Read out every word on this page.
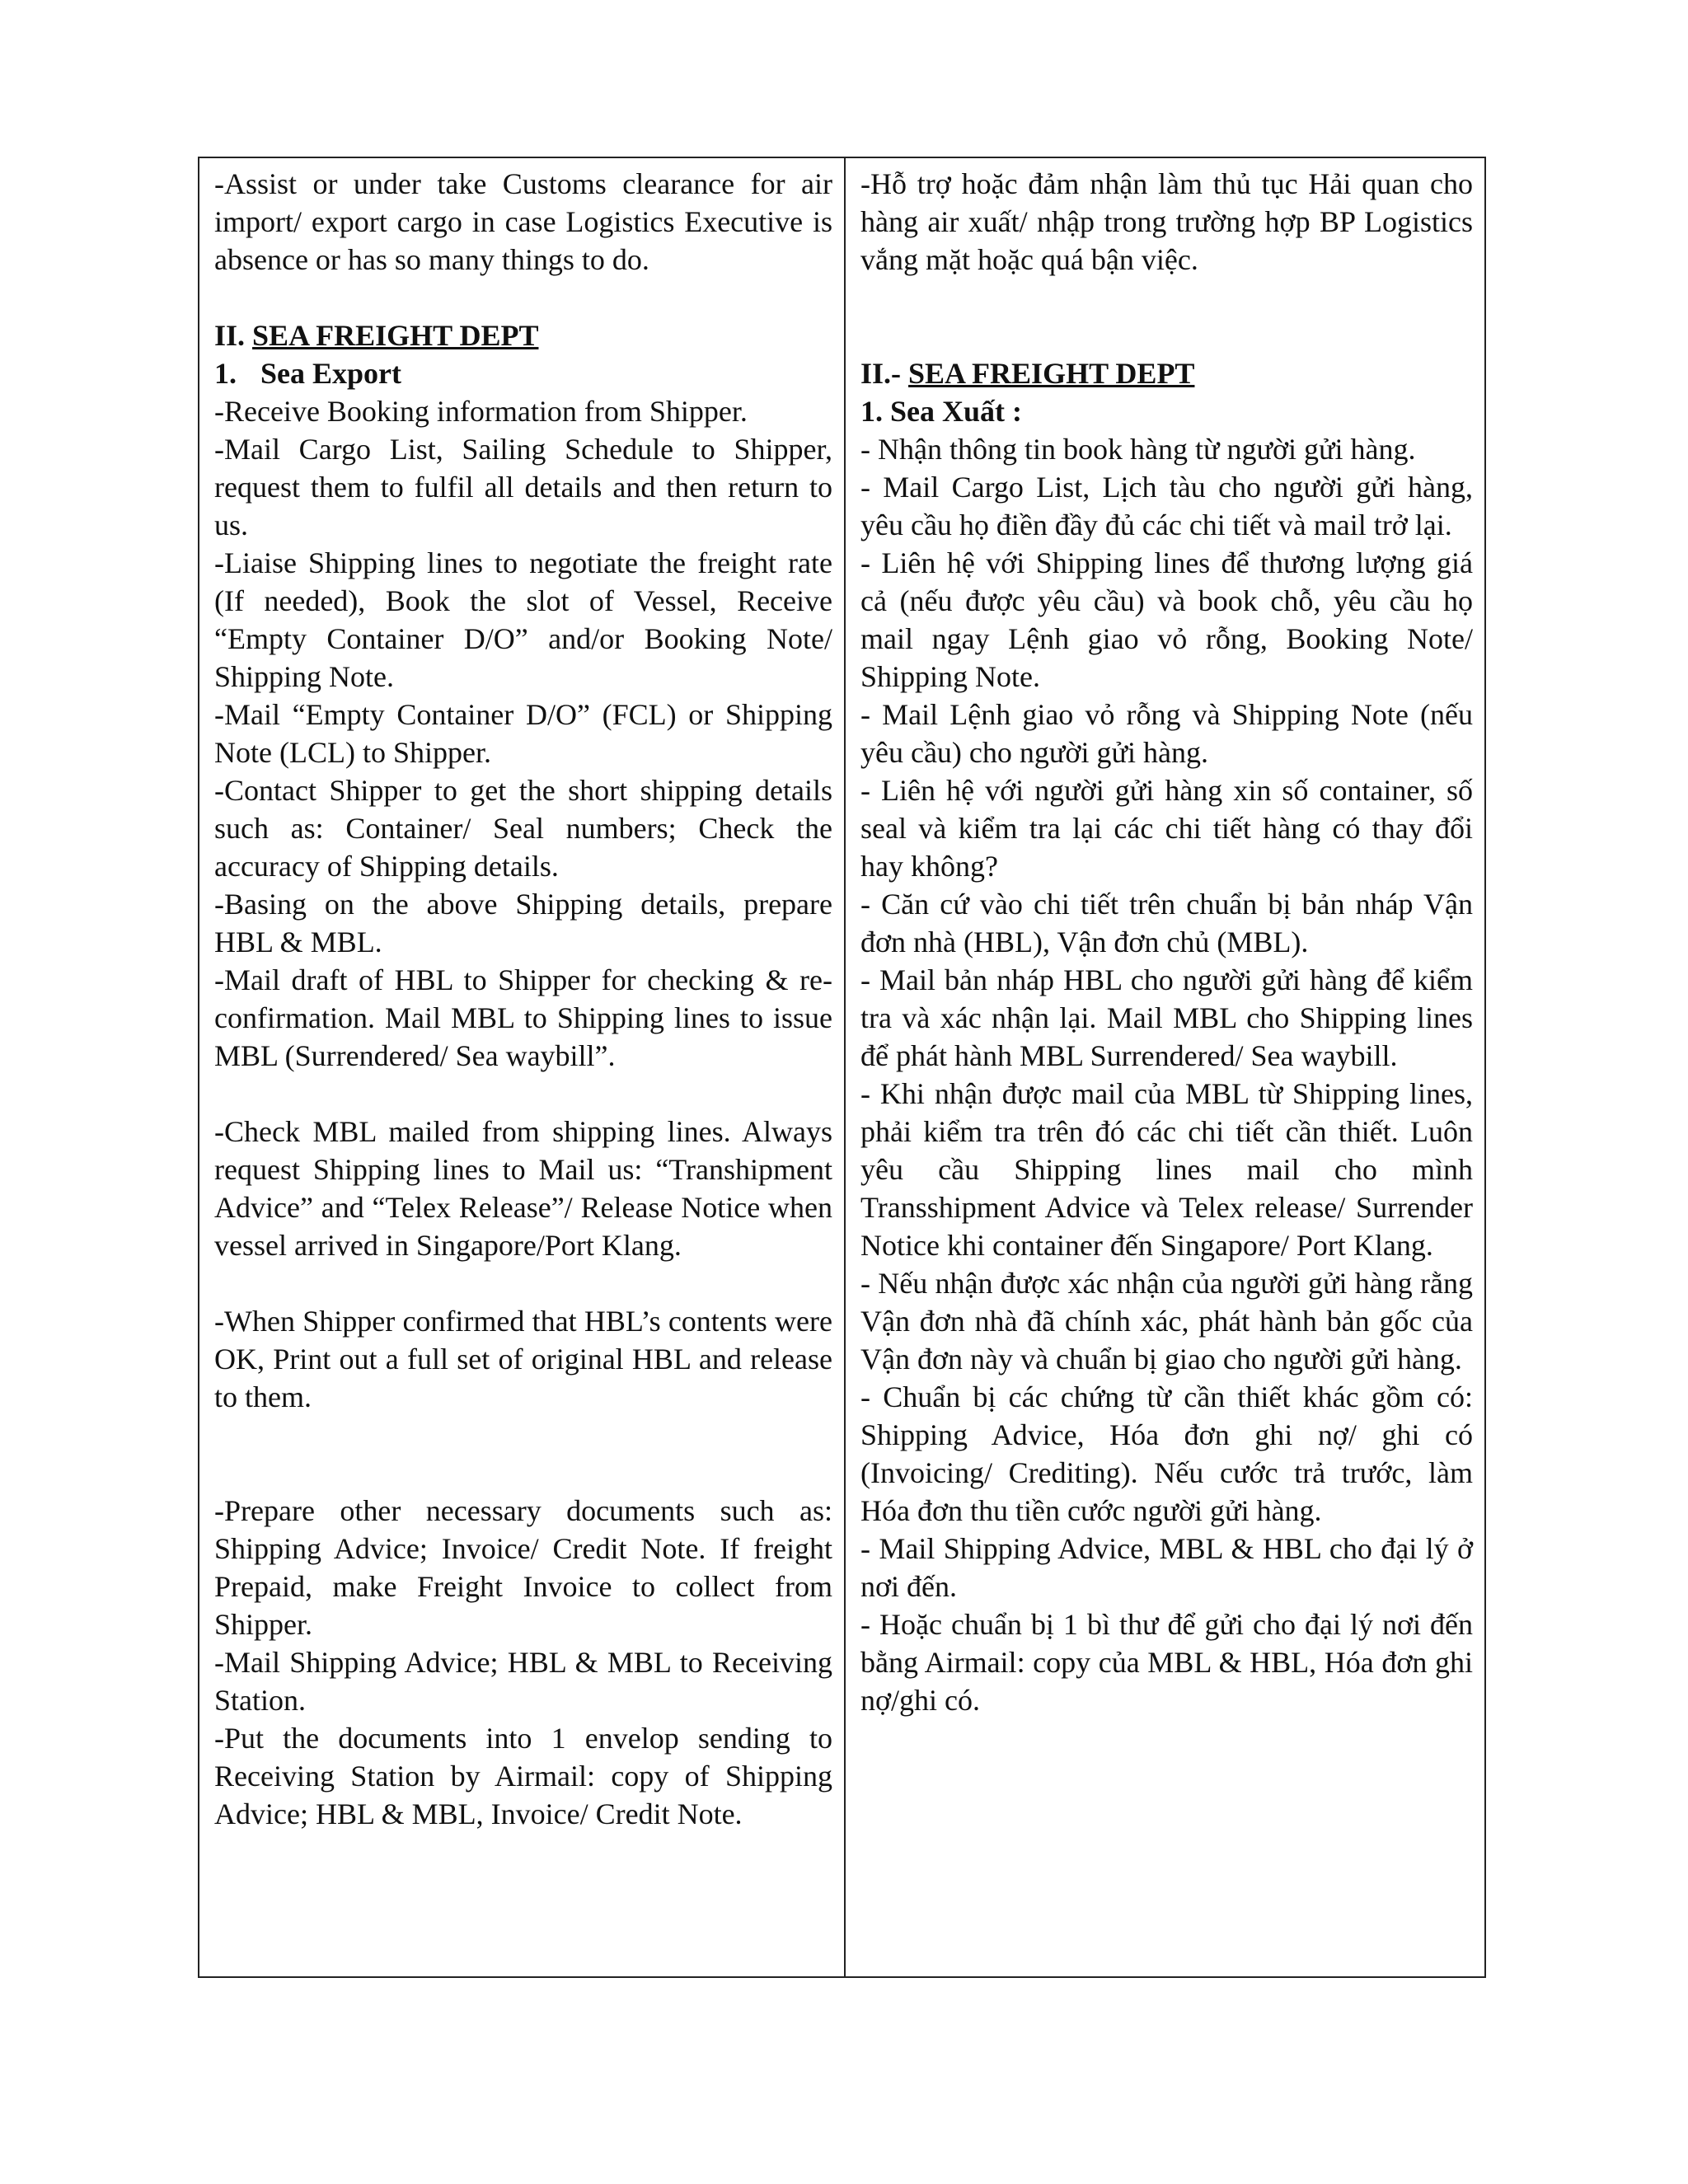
-Assist or under take Customs clearance for air import/ export cargo in case Logistics Executive is absence or has so many things to do.

II. SEA FREIGHT DEPT

1. Sea Export

-Receive Booking information from Shipper.

-Mail Cargo List, Sailing Schedule to Shipper, request them to fulfil all details and then return to us.

-Liaise Shipping lines to negotiate the freight rate (If needed), Book the slot of Vessel, Receive “Empty Container D/O” and/or Booking Note/ Shipping Note.

-Mail “Empty Container D/O” (FCL) or Shipping Note (LCL) to Shipper.

-Contact Shipper to get the short shipping details such as: Container/ Seal numbers; Check the accuracy of Shipping details.

-Basing on the above Shipping details, prepare HBL & MBL.

-Mail draft of HBL to Shipper for checking & re-confirmation. Mail MBL to Shipping lines to issue MBL (Surrendered/ Sea waybill”.

-Check MBL mailed from shipping lines. Always request Shipping lines to Mail us: “Transhipment Advice” and “Telex Release”/ Release Notice when vessel arrived in Singapore/Port Klang.

-When Shipper confirmed that HBL’s contents were OK, Print out a full set of original HBL and release to them.

-Prepare other necessary documents such as: Shipping Advice; Invoice/ Credit Note. If freight Prepaid, make Freight Invoice to collect from Shipper.

-Mail Shipping Advice; HBL & MBL to Receiving Station.

-Put the documents into 1 envelop sending to Receiving Station by Airmail: copy of Shipping Advice; HBL & MBL, Invoice/ Credit Note.

-Hỗ trợ hoặc đảm nhận làm thủ tục Hải quan cho hàng air xuất/ nhập trong trường hợp BP Logistics vắng mặt hoặc quá bận việc.

II.- SEA FREIGHT DEPT

1. Sea Xuất :

- Nhận thông tin book hàng từ người gửi hàng.

- Mail Cargo List, Lịch tàu cho người gửi hàng, yêu cầu họ điền đầy đủ các chi tiết và mail trở lại.

- Liên hệ với Shipping lines để thương lượng giá cả (nếu được yêu cầu) và book chỗ, yêu cầu họ mail ngay Lệnh giao vỏ rỗng, Booking Note/ Shipping Note.

- Mail Lệnh giao vỏ rỗng và Shipping Note (nếu yêu cầu) cho người gửi hàng.

- Liên hệ với người gửi hàng xin số container, số seal và kiểm tra lại các chi tiết hàng có thay đổi hay không?

- Căn cứ vào chi tiết trên chuẩn bị bản nháp Vận đơn nhà (HBL), Vận đơn chủ (MBL).

- Mail bản nháp HBL cho người gửi hàng để kiểm tra và xác nhận lại. Mail MBL cho Shipping lines để phát hành MBL Surrendered/ Sea waybill.

- Khi nhận được mail của MBL từ Shipping lines, phải kiểm tra trên đó các chi tiết cần thiết. Luôn yêu cầu Shipping lines mail cho mình Transshipment Advice và Telex release/ Surrender Notice khi container đến Singapore/ Port Klang.

- Nếu nhận được xác nhận của người gửi hàng rằng Vận đơn nhà đã chính xác, phát hành bản gốc của Vận đơn này và chuẩn bị giao cho người gửi hàng.

- Chuẩn bị các chứng từ cần thiết khác gồm có: Shipping Advice, Hóa đơn ghi nợ/ ghi có (Invoicing/ Crediting). Nếu cước trả trước, làm Hóa đơn thu tiền cước người gửi hàng.

- Mail Shipping Advice, MBL & HBL cho đại lý ở nơi đến.

- Hoặc chuẩn bị 1 bì thư để gửi cho đại lý nơi đến bằng Airmail: copy của MBL & HBL, Hóa đơn ghi nợ/ghi có.
